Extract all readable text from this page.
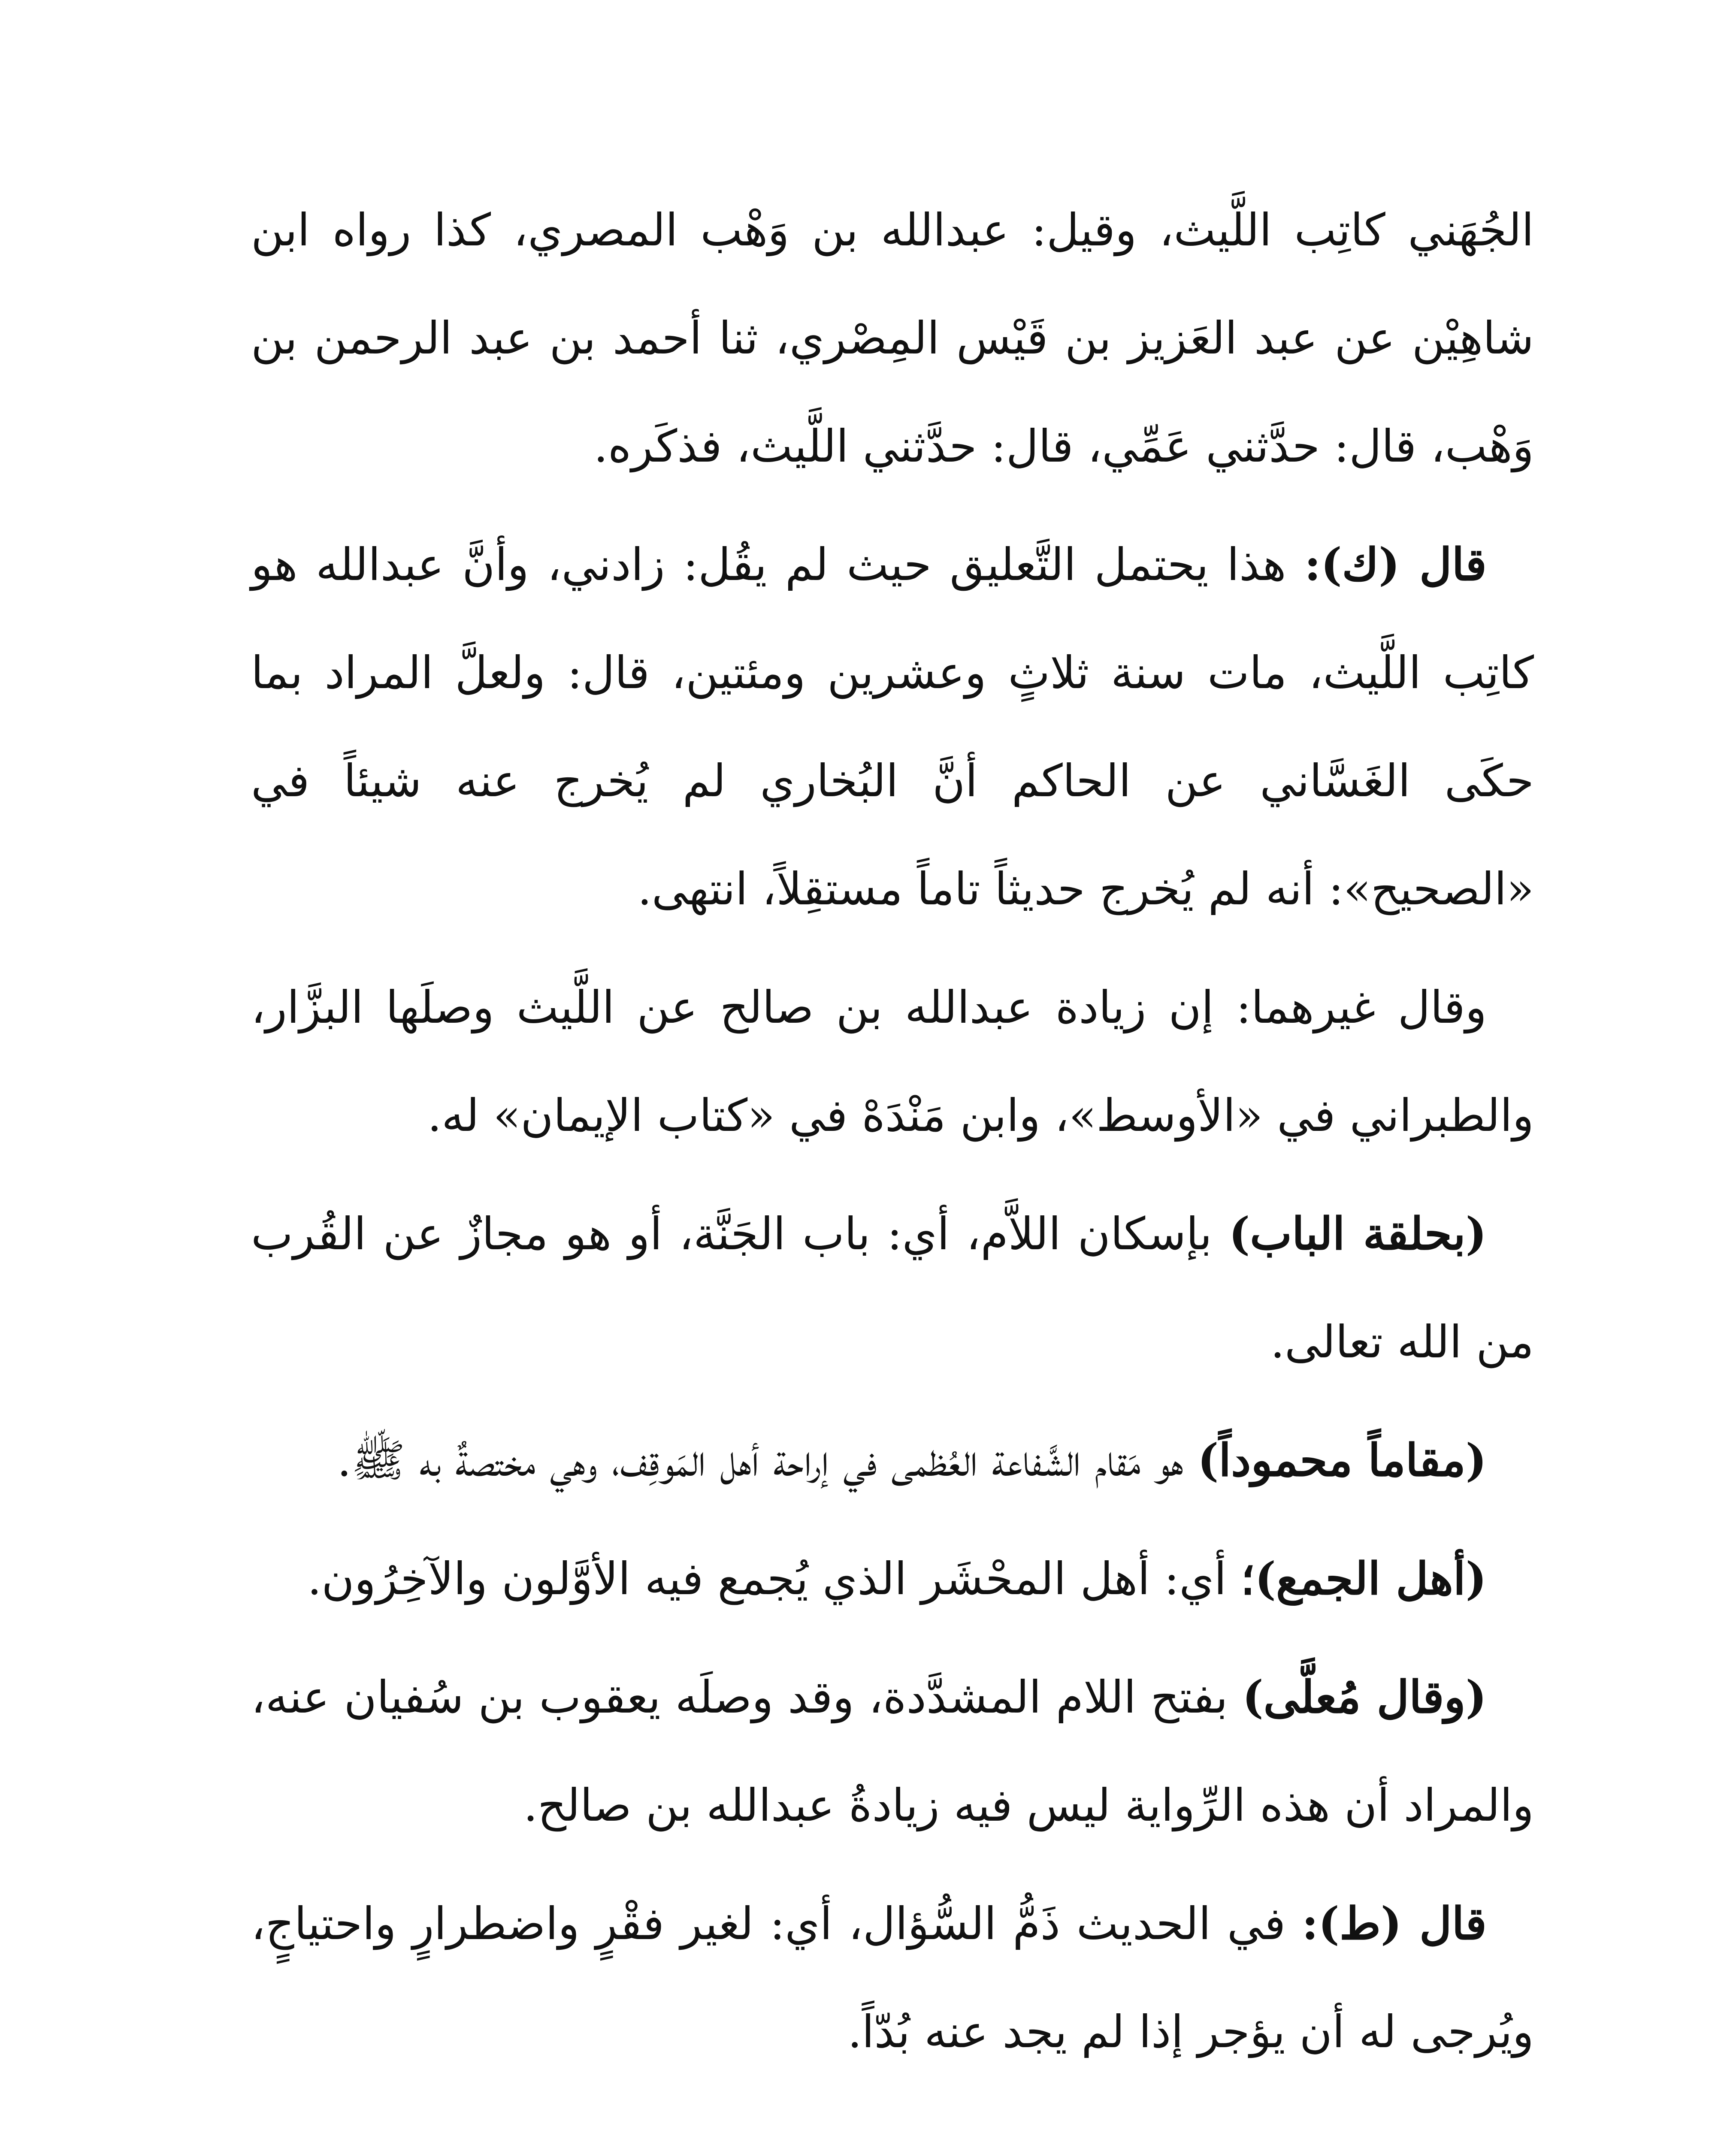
الجُهَني كاتِب اللَّيث، وقيل: عبدالله بن وَهْب المصري، كذا رواه ابن شاهِيْن عن عبد العَزيز بن قَيْس المِصْري، ثنا أحمد بن عبد الرحمن بن وَهْب، قال: حدَّثني عَمِّي، قال: حدَّثني اللَّيث، فذكَره.

قال (ك): هذا يحتمل التَّعليق حيث لم يقُل: زادني، وأنَّ عبدالله هو كاتِب اللَّيث، مات سنة ثلاثٍ وعشرين ومئتين، قال: ولعلَّ المراد بما حكَى الغَسَّاني عن الحاكم أنَّ البُخاري لم يُخرج عنه شيئاً في «الصحيح»: أنه لم يُخرج حديثاً تاماً مستقِلاً، انتهى.

وقال غيرهما: إن زيادة عبدالله بن صالح عن اللَّيث وصلَها البزَّار، والطبراني في «الأوسط»، وابن مَنْدَهْ في «كتاب الإيمان» له.

(بحلقة الباب) بإسكان اللاَّم، أي: باب الجَنَّة، أو هو مجازٌ عن القُرب من الله تعالى.

(مقاماً محموداً) هو مَقام الشَّفاعة العُظمى في إراحة أهل المَوقِف، وهي مختصةٌ به ﷺ.

(أهل الجمع)؛ أي: أهل المحْشَر الذي يُجمع فيه الأوَّلون والآخِرُون.

(وقال مُعلَّى) بفتح اللام المشدَّدة، وقد وصلَه يعقوب بن سُفيان عنه، والمراد أن هذه الرِّواية ليس فيه زيادةُ عبدالله بن صالح.

قال (ط): في الحديث ذَمُّ السُّؤال، أي: لغير فقْرٍ واضطرارٍ واحتياجٍ، ويُرجى له أن يؤجر إذا لم يجد عنه بُدّاً.
